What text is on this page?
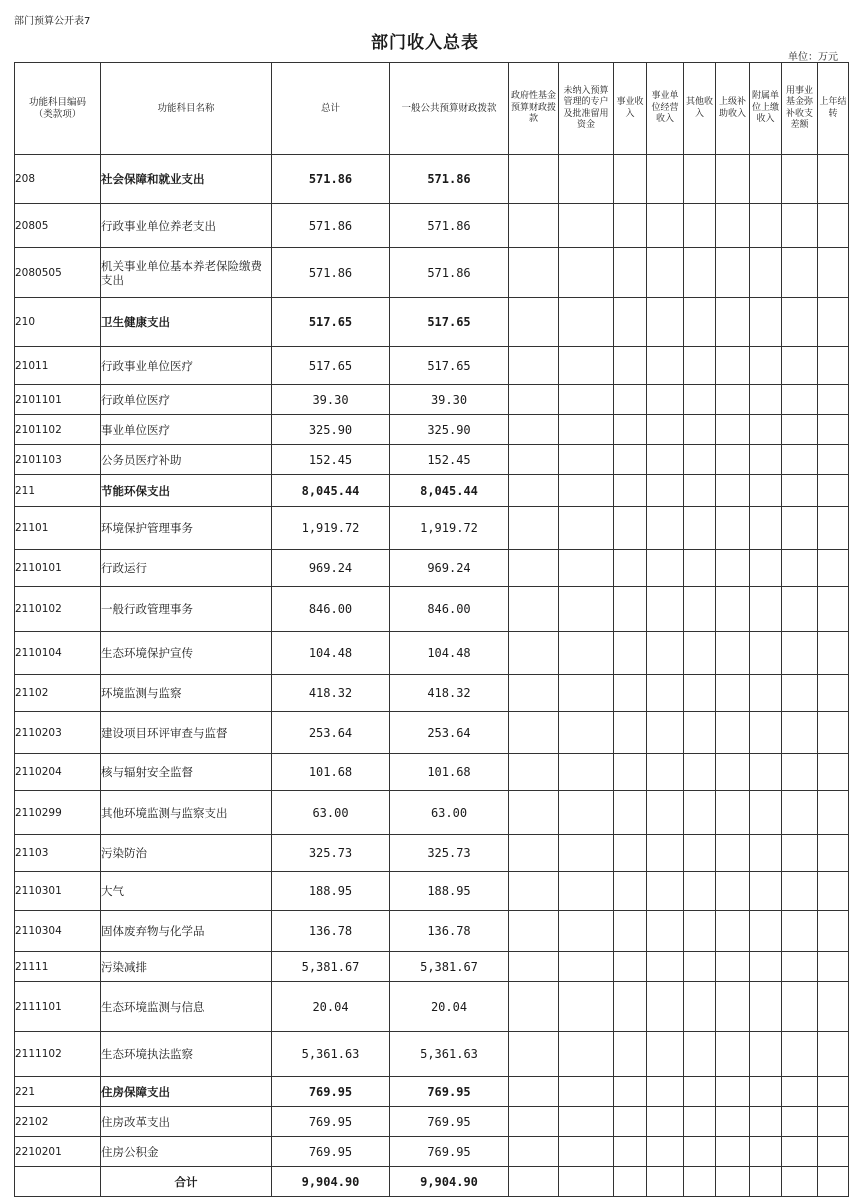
部门预算公开表7
部门收入总表
单位：万元
功能科目编码（类款项）	功能科目名称	总计	一般公共预算财政拨款	政府性基金预算财政拨款	未纳入预算管理的专户及批准留用资金	事业收入	事业单位经营收入	其他收入	上级补助收入	附属单位上缴收入	用事业基金弥补收支差额	上年结转
208	社会保障和就业支出	571.86	571.86									
20805	行政事业单位养老支出	571.86	571.86									
2080505	机关事业单位基本养老保险缴费支出	571.86	571.86									
210	卫生健康支出	517.65	517.65									
21011	行政事业单位医疗	517.65	517.65									
2101101	行政单位医疗	39.30	39.30									
2101102	事业单位医疗	325.90	325.90									
2101103	公务员医疗补助	152.45	152.45									
211	节能环保支出	8,045.44	8,045.44									
21101	环境保护管理事务	1,919.72	1,919.72									
2110101	行政运行	969.24	969.24									
2110102	一般行政管理事务	846.00	846.00									
2110104	生态环境保护宣传	104.48	104.48									
21102	环境监测与监察	418.32	418.32									
2110203	建设项目环评审查与监督	253.64	253.64									
2110204	核与辐射安全监督	101.68	101.68									
2110299	其他环境监测与监察支出	63.00	63.00									
21103	污染防治	325.73	325.73									
2110301	大气	188.95	188.95									
2110304	固体废弃物与化学品	136.78	136.78									
21111	污染减排	5,381.67	5,381.67									
2111101	生态环境监测与信息	20.04	20.04									
2111102	生态环境执法监察	5,361.63	5,361.63									
221	住房保障支出	769.95	769.95									
22102	住房改革支出	769.95	769.95									
2210201	住房公积金	769.95	769.95									
	合计	9,904.90	9,904.90									
